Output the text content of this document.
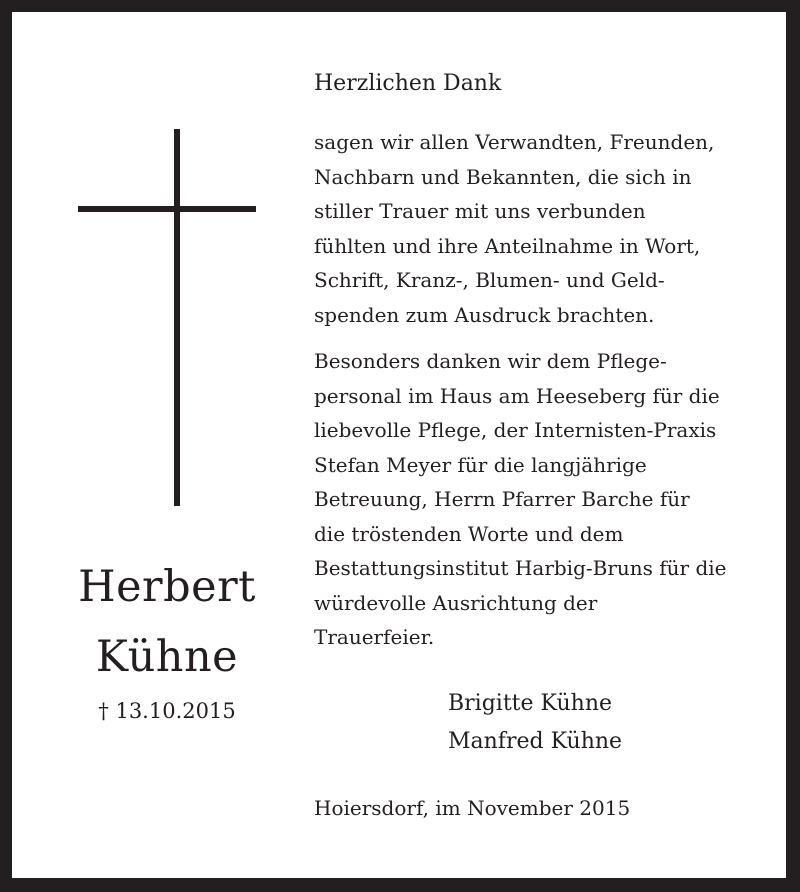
Herbert
Kühne
† 13.10.2015
Herzlichen Dank

sagen wir allen Verwandten, Freunden,
Nachbarn und Bekannten, die sich in
stiller Trauer mit uns verbunden
fühlten und ihre Anteilnahme in Wort,
Schrift, Kranz-, Blumen- und Geld-
spenden zum Ausdruck brachten.

Besonders danken wir dem Pflege-
personal im Haus am Heeseberg für die
liebevolle Pflege, der Internisten-Praxis
Stefan Meyer für die langjährige
Betreuung, Herrn Pfarrer Barche für
die tröstenden Worte und dem
Bestattungsinstitut Harbig-Bruns für die
würdevolle Ausrichtung der
Trauerfeier.

Brigitte Kühne
Manfred Kühne
Hoiersdorf, im November 2015
